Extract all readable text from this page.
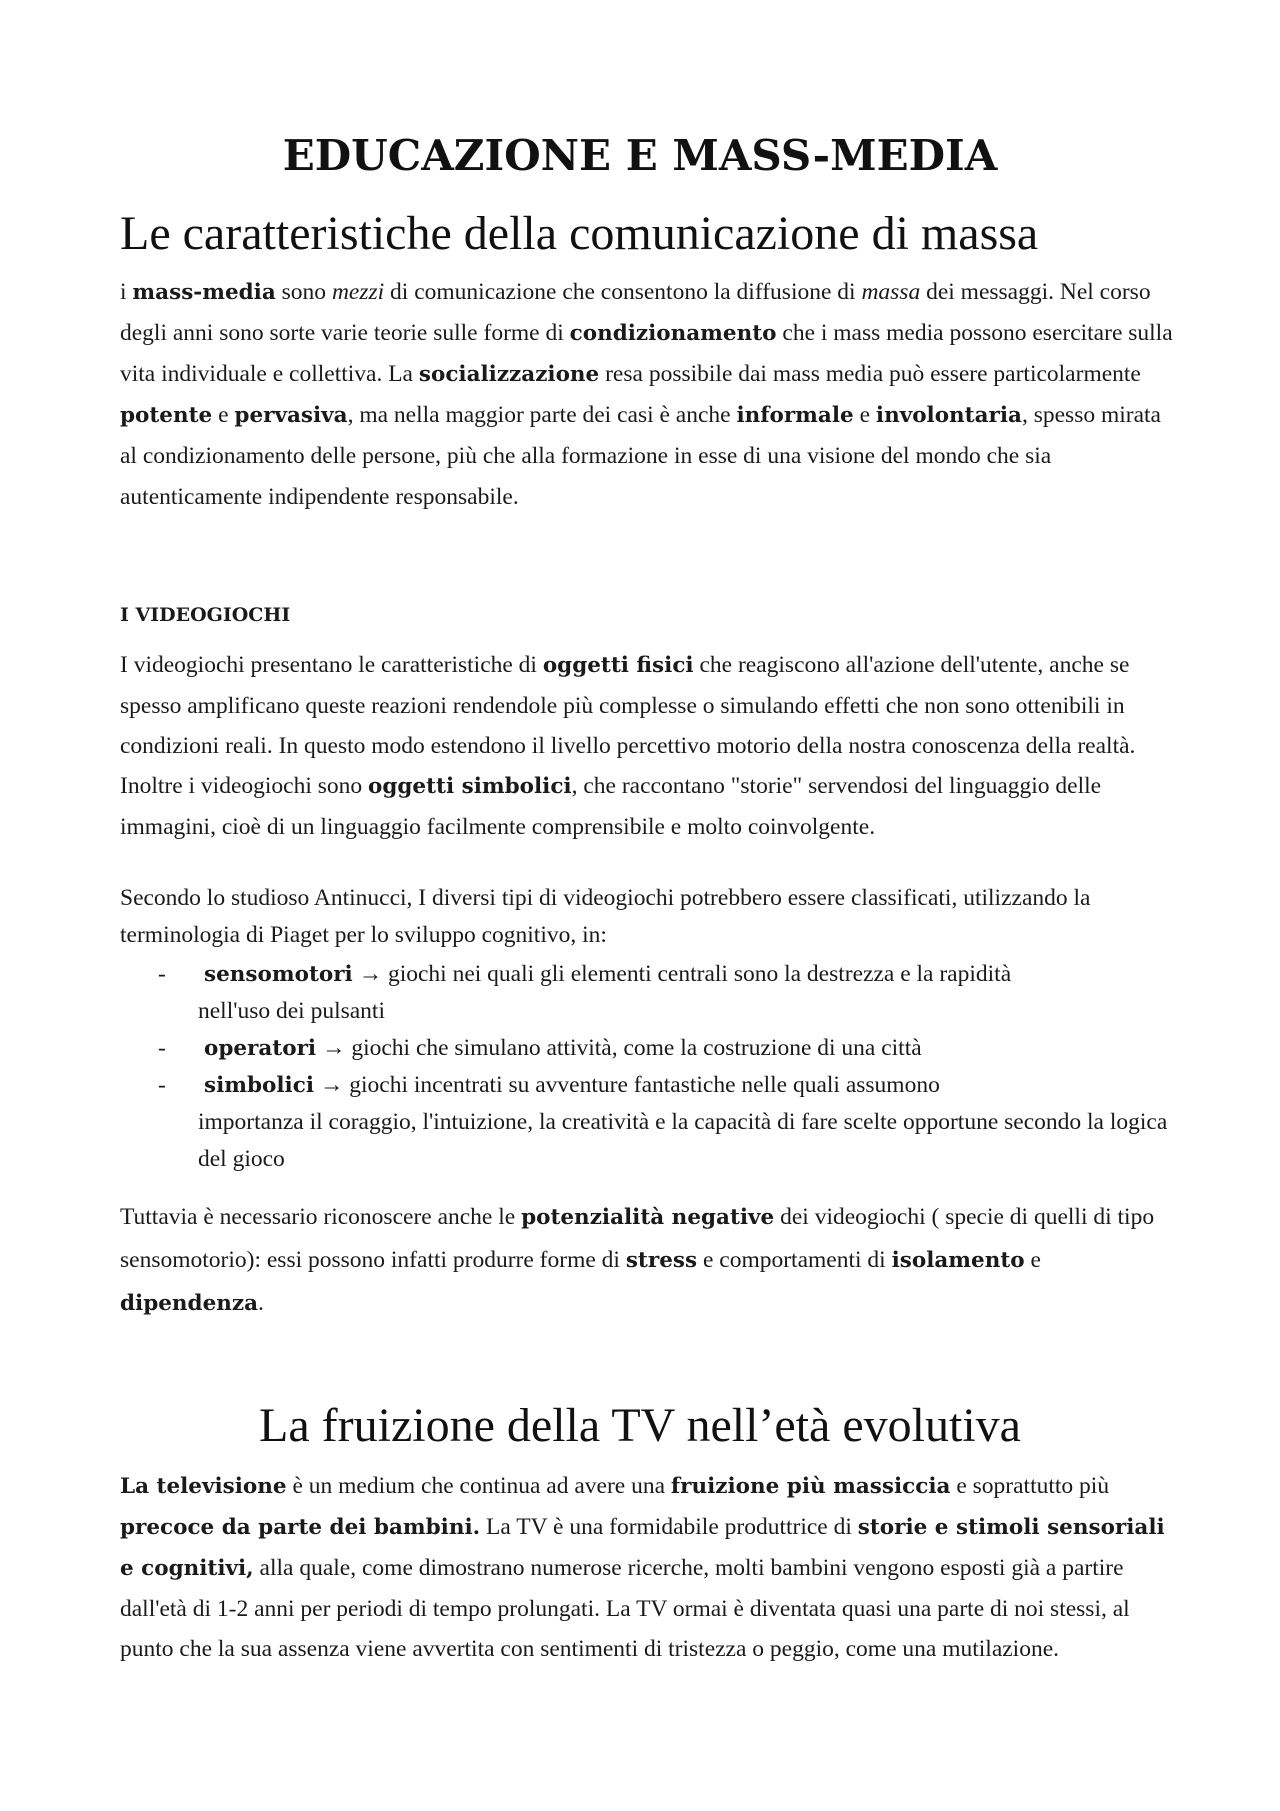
EDUCAZIONE E MASS-MEDIA
Le caratteristiche della comunicazione di massa

i mass-media sono mezzi di comunicazione che consentono la diffusione di massa dei messaggi. Nel corso degli anni sono sorte varie teorie sulle forme di condizionamento che i mass media possono esercitare sulla vita individuale e collettiva. La socializzazione resa possibile dai mass media può essere particolarmente potente e pervasiva, ma nella maggior parte dei casi è anche informale e involontaria, spesso mirata al condizionamento delle persone, più che alla formazione in esse di una visione del mondo che sia autenticamente indipendente responsabile.

I VIDEOGIOCHI

I videogiochi presentano le caratteristiche di oggetti fisici che reagiscono all'azione dell'utente, anche se spesso amplificano queste reazioni rendendole più complesse o simulando effetti che non sono ottenibili in condizioni reali. In questo modo estendono il livello percettivo motorio della nostra conoscenza della realtà. Inoltre i videogiochi sono oggetti simbolici, che raccontano "storie" servendosi del linguaggio delle immagini, cioè di un linguaggio facilmente comprensibile e molto coinvolgente.

Secondo lo studioso Antinucci, I diversi tipi di videogiochi potrebbero essere classificati, utilizzando la terminologia di Piaget per lo sviluppo cognitivo, in:

-	sensomotori → giochi nei quali gli elementi centrali sono la destrezza e la rapidità
nell'uso dei pulsanti
-	operatori → giochi che simulano attività, come la costruzione di una città
-	simbolici → giochi incentrati su avventure fantastiche nelle quali assumono
importanza il coraggio, l'intuizione, la creatività e la capacità di fare scelte opportune secondo la logica del gioco

Tuttavia è necessario riconoscere anche le potenzialità negative dei videogiochi ( specie di quelli di tipo sensomotorio): essi possono infatti produrre forme di stress e comportamenti di isolamento e dipendenza.

La fruizione della TV nell’età evolutiva

La televisione è un medium che continua ad avere una fruizione più massiccia e soprattutto più precoce da parte dei bambini. La TV è una formidabile produttrice di storie e stimoli sensoriali e cognitivi, alla quale, come dimostrano numerose ricerche, molti bambini vengono esposti già a partire dall'età di 1-2 anni per periodi di tempo prolungati. La TV ormai è diventata quasi una parte di noi stessi, al punto che la sua assenza viene avvertita con sentimenti di tristezza o peggio, come una mutilazione.
